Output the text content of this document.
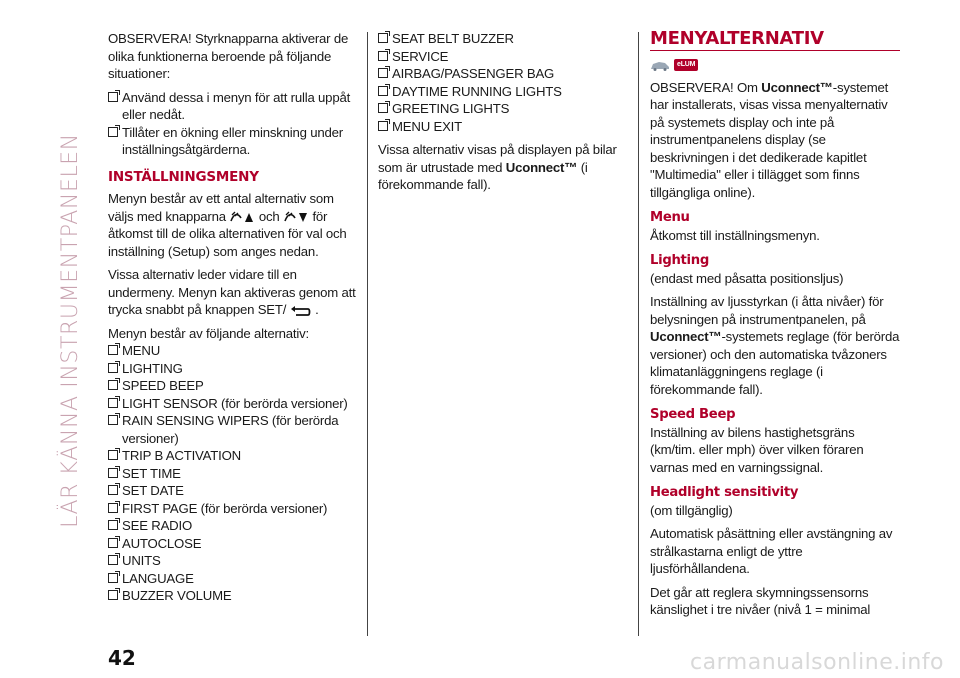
LÄR KÄNNA INSTRUMENTPANELEN

OBSERVERA! Styrknapparna aktiverar de olika funktionerna beroende på följande situationer:

Använd dessa i menyn för att rulla uppåt eller nedåt.
Tillåter en ökning eller minskning under inställningsåtgärderna.
INSTÄLLNINGSMENY

Menyn består av ett antal alternativ som väljs med knapparna och för åtkomst till de olika alternativen för val och inställning (Setup) som anges nedan.

Vissa alternativ leder vidare till en undermeny. Menyn kan aktiveras genom att trycka snabbt på knappen SET/ .

Menyn består av följande alternativ:

MENU
LIGHTING
SPEED BEEP
LIGHT SENSOR (för berörda versioner)
RAIN SENSING WIPERS (för berörda versioner)
TRIP B ACTIVATION
SET TIME
SET DATE
FIRST PAGE (för berörda versioner)
SEE RADIO
AUTOCLOSE
UNITS
LANGUAGE
BUZZER VOLUME
SEAT BELT BUZZER
SERVICE
AIRBAG/PASSENGER BAG
DAYTIME RUNNING LIGHTS
GREETING LIGHTS
MENU EXIT

Vissa alternativ visas på displayen på bilar som är utrustade med Uconnect™ (i förekommande fall).

MENYALTERNATIV
eLUM

OBSERVERA! Om Uconnect™-systemet har installerats, visas vissa menyalternativ på systemets display och inte på instrumentpanelens display (se beskrivningen i det dedikerade kapitlet "Multimedia" eller i tillägget som finns tillgängliga online).

Menu

Åtkomst till inställningsmenyn.

Lighting

(endast med påsatta positionsljus)

Inställning av ljusstyrkan (i åtta nivåer) för belysningen på instrumentpanelen, på Uconnect™-systemets reglage (för berörda versioner) och den automatiska tvåzoners klimatanläggningens reglage (i förekommande fall).

Speed Beep

Inställning av bilens hastighetsgräns (km/tim. eller mph) över vilken föraren varnas med en varningssignal.

Headlight sensitivity

(om tillgänglig)

Automatisk påsättning eller avstängning av strålkastarna enligt de yttre ljusförhållandena.

Det går att reglera skymningssensorns känslighet i tre nivåer (nivå 1 = minimal

42	carmanualsonline.info
